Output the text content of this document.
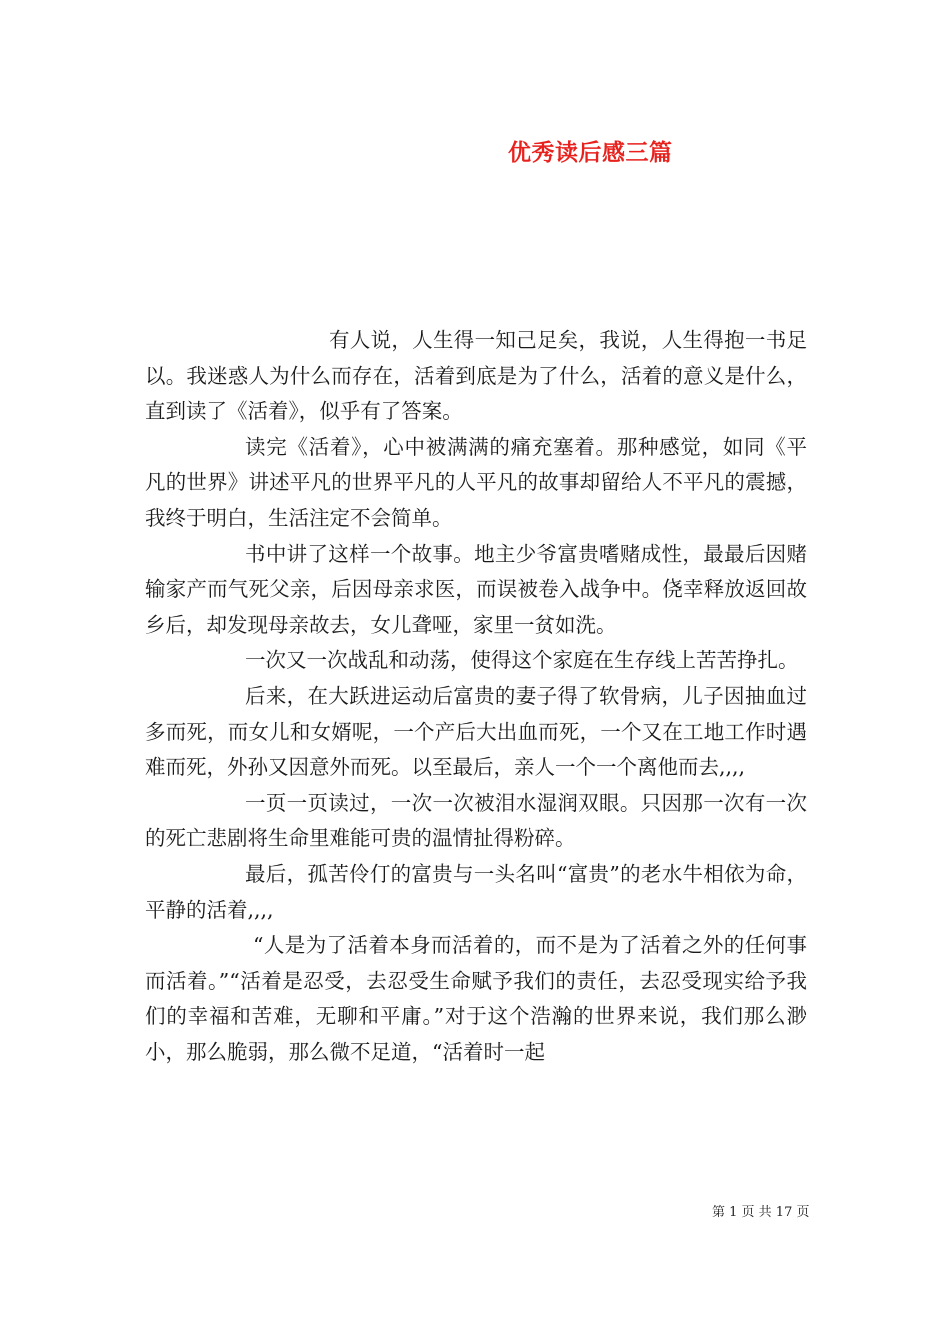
优秀读后感三篇

有人说，人生得一知己足矣，我说，人生得抱一书足以。我迷惑人为什么而存在，活着到底是为了什么，活着的意义是什么，直到读了《活着》，似乎有了答案。

读完《活着》，心中被满满的痛充塞着。那种感觉，如同《平凡的世界》讲述平凡的世界平凡的人平凡的故事却留给人不平凡的震撼，我终于明白，生活注定不会简单。

书中讲了这样一个故事。地主少爷富贵嗜赌成性，最最后因赌输家产而气死父亲，后因母亲求医，而误被卷入战争中。侥幸释放返回故乡后，却发现母亲故去，女儿聋哑，家里一贫如洗。

一次又一次战乱和动荡，使得这个家庭在生存线上苦苦挣扎。

后来，在大跃进运动后富贵的妻子得了软骨病，儿子因抽血过多而死，而女儿和女婿呢，一个产后大出血而死，一个又在工地工作时遇难而死，外孙又因意外而死。以至最后，亲人一个一个离他而去,,,,

一页一页读过，一次一次被泪水湿润双眼。只因那一次有一次的死亡悲剧将生命里难能可贵的温情扯得粉碎。

最后，孤苦伶仃的富贵与一头名叫“富贵”的老水牛相依为命，平静的活着,,,,

“人是为了活着本身而活着的，而不是为了活着之外的任何事而活着。”“活着是忍受，去忍受生命赋予我们的责任，去忍受现实给予我们的幸福和苦难，无聊和平庸。”对于这个浩瀚的世界来说，我们那么渺小，那么脆弱，那么微不足道，“活着时一起

第 1 页 共 17 页
